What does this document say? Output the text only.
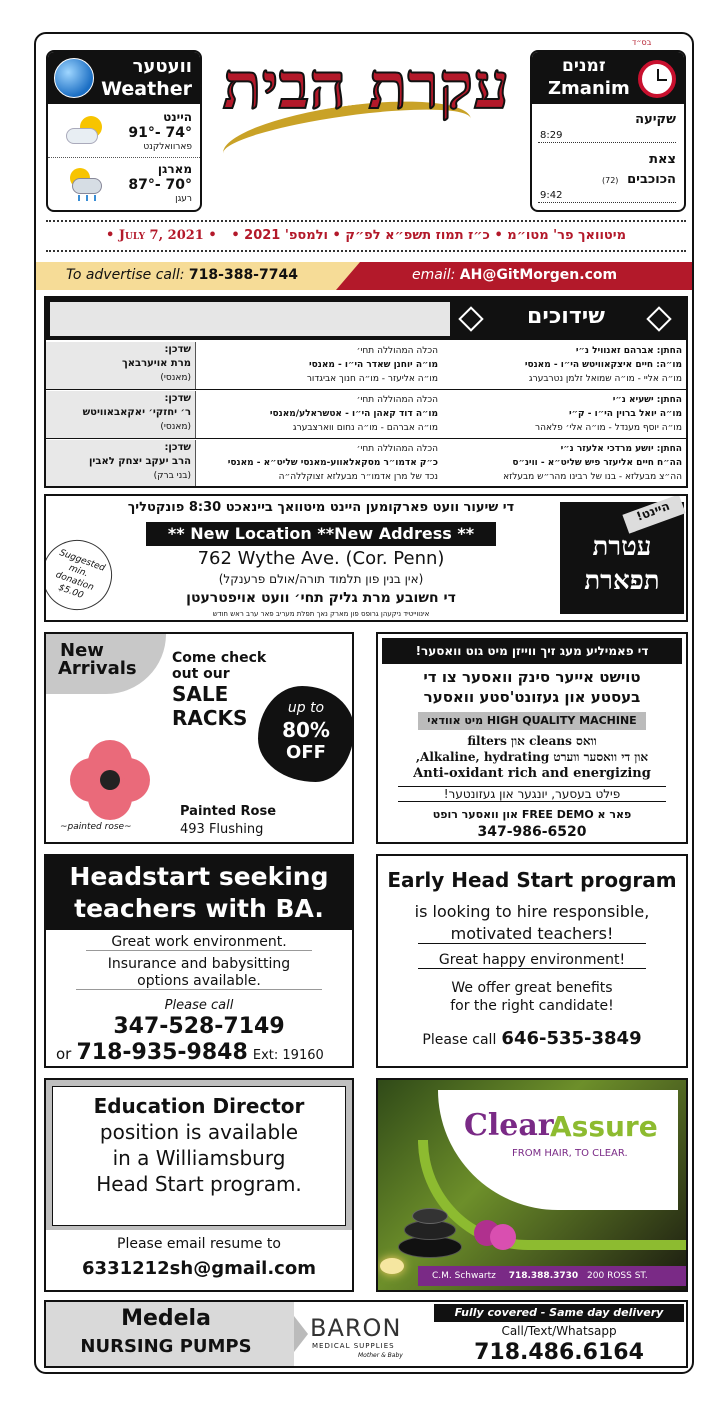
וועטער
Weather
היינט
91°- 74°
פארוואלקנט
מארגן
87°- 70°
רעגן
עקרת הבית
בס״ד
זמנים
Zmanim
שקיעה
8:29
צאת
הכוכבים
(72)
9:42
• July 7, 2021 •	מיטוואך פר' מטו״מ • כ״ז תמוז תשפ״א לפ״ק • ולמספ' 2021 •
To advertise call: 718-388-7744	email: AH@GitMorgen.com
שידוכים
שדכן:
מרת אויערבאך
(מאנסי)
הכלה המהוללה תחי׳
מו״ה יוחנן שאדר הי״ו - מאנסי
מו״ה אליעזר - מו״ה חנוך אביגדור
החתן: אברהם זאנוויל נ״י
מו״ה: חיים איצקאוויטש הי״ו - מאנסי
מו״ה אליי - מו״ה שמואל זלמן נטרבערג
שדכן:
ר׳ יחזקי׳ יאקאבאוויטש
(מאנסי)
הכלה המהוללה תחי׳
מו״ה דוד קאהן הי״ו - אטשראלע/מאנסי
מו״ה אברהם - מו״ה נחום ווארצבערג
החתן: ישעיא נ״י
מו״ה יואל ברוין הי״ו - ק״י
מו״ה יוסף מענדל - מו״ה אלי׳ פלאהר
שדכן:
הרב יעקב יצחק לאבין
(בני ברק)
הכלה המהוללה תחי׳
כ״ק אדמו״ר מסקאלאווע-מאנסי שליט״א - מאנסי
נכד של מרן אדמו״ר מבעלזא זצוקללה״ה
החתן: יושע מרדכי אלעזר נ״י
הה״ח חיים אליעזר פיש שליט״א - ווינ״ס
הה״צ מבעלזא - בנו של רבינו מהר״ש מבעלזא
די שיעור וועט פארקומען היינט מיטוואך ביינאכט 8:30 פונקטליך
** New Location **New Address **
762 Wythe Ave. (Cor. Penn)
(אין בנין פון תלמוד תורה/אולם פרענקל)
די חשובע מרת גליק תחי׳ וועט אויפטרעטן
אינווייטיד ניקעהן גרופס פון מארק נאך תפלת מעריב פאר ערב ראש חודש
Suggested min. donation $5.00
היינט!
עטרת
תפארת
New
Arrivals	Come check
out our
SALE
RACKS	up to
80%
OFF
~painted rose~
Painted Rose
493 Flushing
די פאמיליע מעג זיך ווייזן מיט גוט וואסער!
טוישט אייער סינק וואסער צו די
בעסטע און געזונט'סטע וואסער
HIGH QUALITY MACHINE מיט אוודאי
וואס cleans און filters
און די וואסער ווערט Alkaline, hydrating,
Anti-oxidant rich and energizing
פילט בעסער, יונגער און געזונטער!
פאר א FREE DEMO און וואסער רופט
347-986-6520
Headstart seeking
teachers with BA.
Great work environment.
Insurance and babysitting
options available.
Please call
347-528-7149
or 718-935-9848 Ext: 19160
Early Head Start program
is looking to hire responsible,
motivated teachers!
Great happy environment!
We offer great benefits
for the right candidate!
Please call 646-535-3849
Education Director
position is available
in a Williamsburg
Head Start program.
Please email resume to
6331212sh@gmail.com
Clear
Assure
FROM HAIR, TO CLEAR.
C.M. Schwartz 718.388.3730 200 ROSS ST.
Medela
NURSING PUMPS
BARON
MEDICAL SUPPLIES
Mother & Baby
Fully covered - Same day delivery
Call/Text/Whatsapp
718.486.6164
